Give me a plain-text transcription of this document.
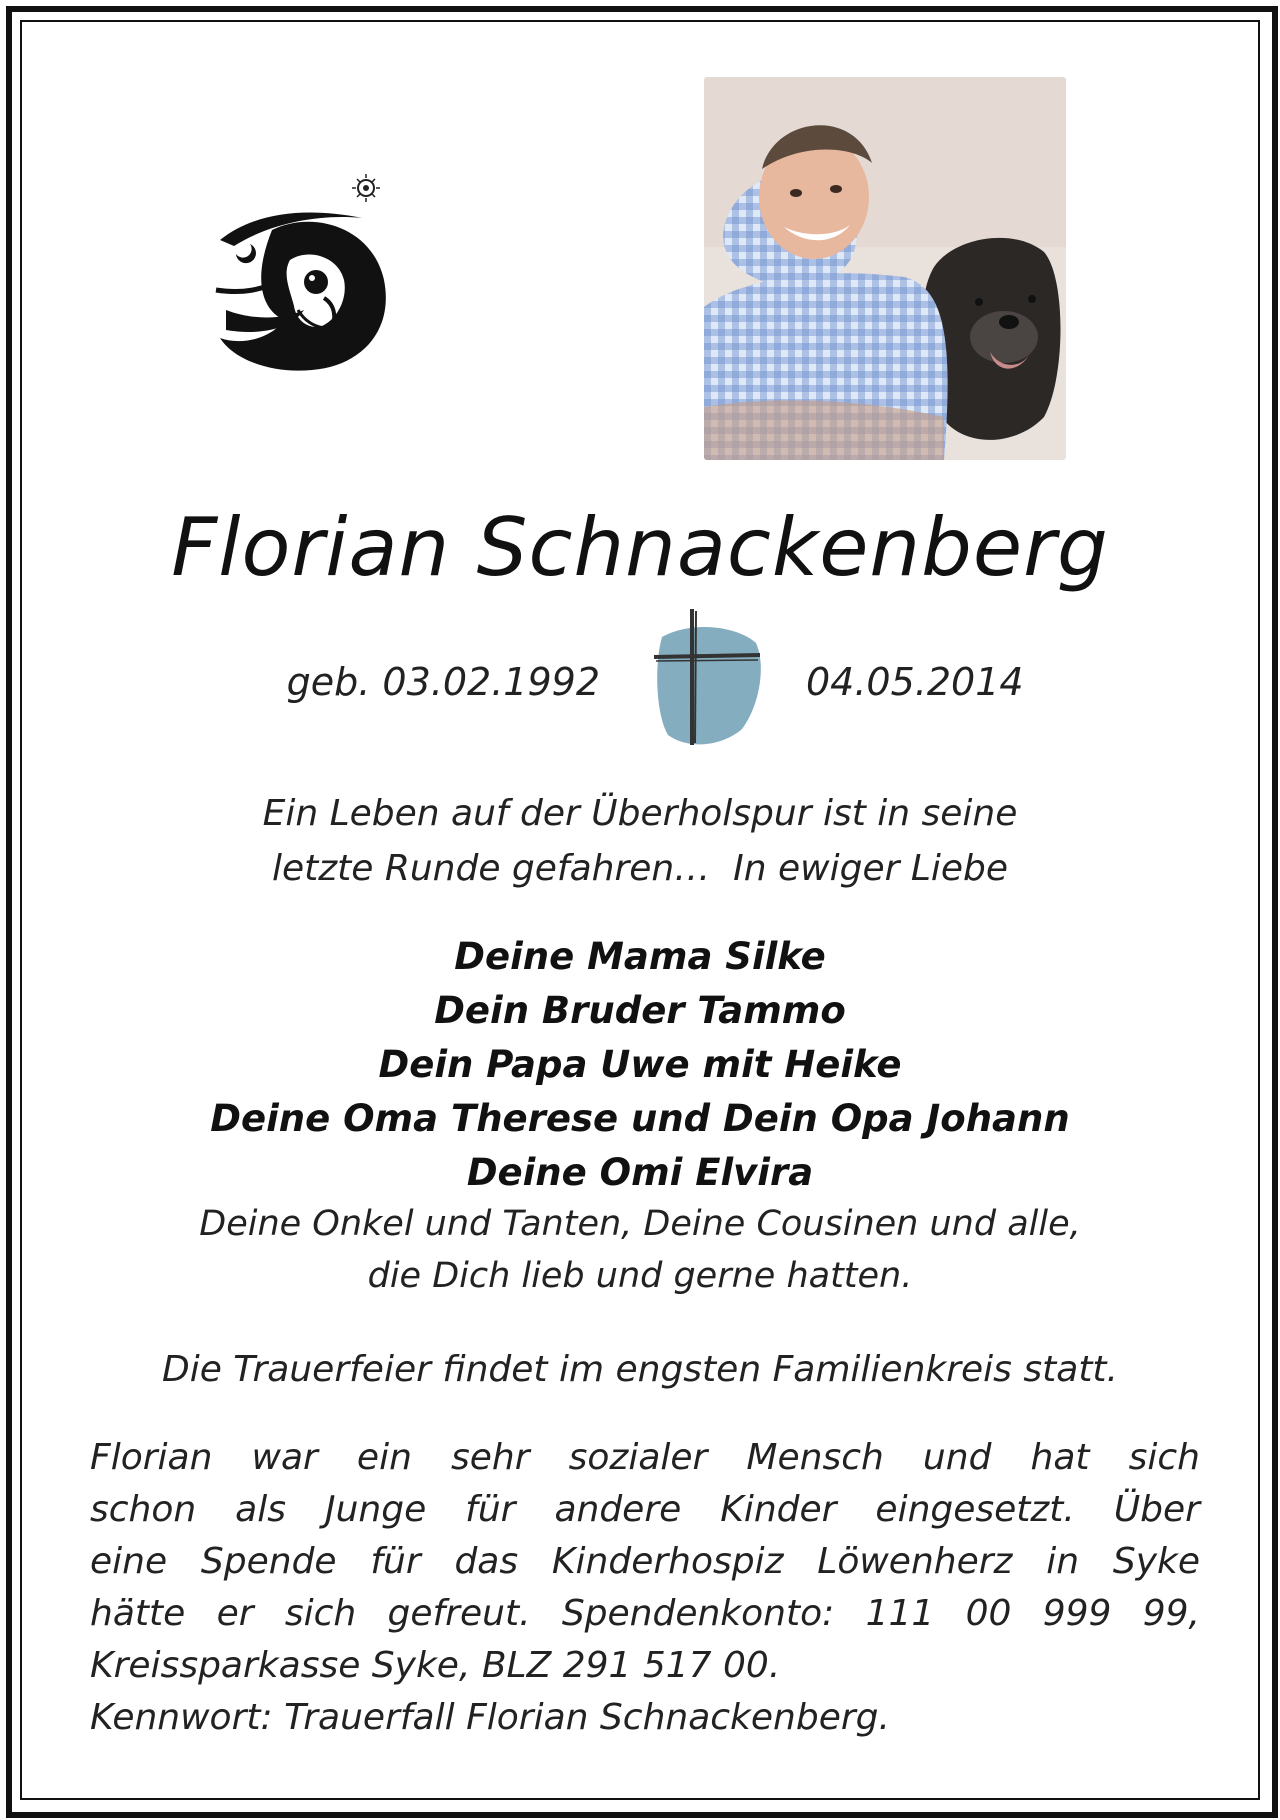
Florian Schnackenberg
geb. 03.02.1992	04.05.2014
Ein Leben auf der Überholspur ist in seine
letzte Runde gefahren…  In ewiger Liebe
Deine Mama Silke
Dein Bruder Tammo
Dein Papa Uwe mit Heike
Deine Oma Therese und Dein Opa Johann
Deine Omi Elvira
Deine Onkel und Tanten, Deine Cousinen und alle,
die Dich lieb und gerne hatten.
Die Trauerfeier findet im engsten Familienkreis statt.
Florian war ein sehr sozialer Mensch und hat sich
schon als Junge für andere Kinder eingesetzt. Über
eine Spende für das Kinderhospiz Löwenherz in Syke
hätte er sich gefreut. Spendenkonto: 111 00 999 99,
Kreissparkasse Syke, BLZ 291 517 00.
Kennwort: Trauerfall Florian Schnackenberg.
